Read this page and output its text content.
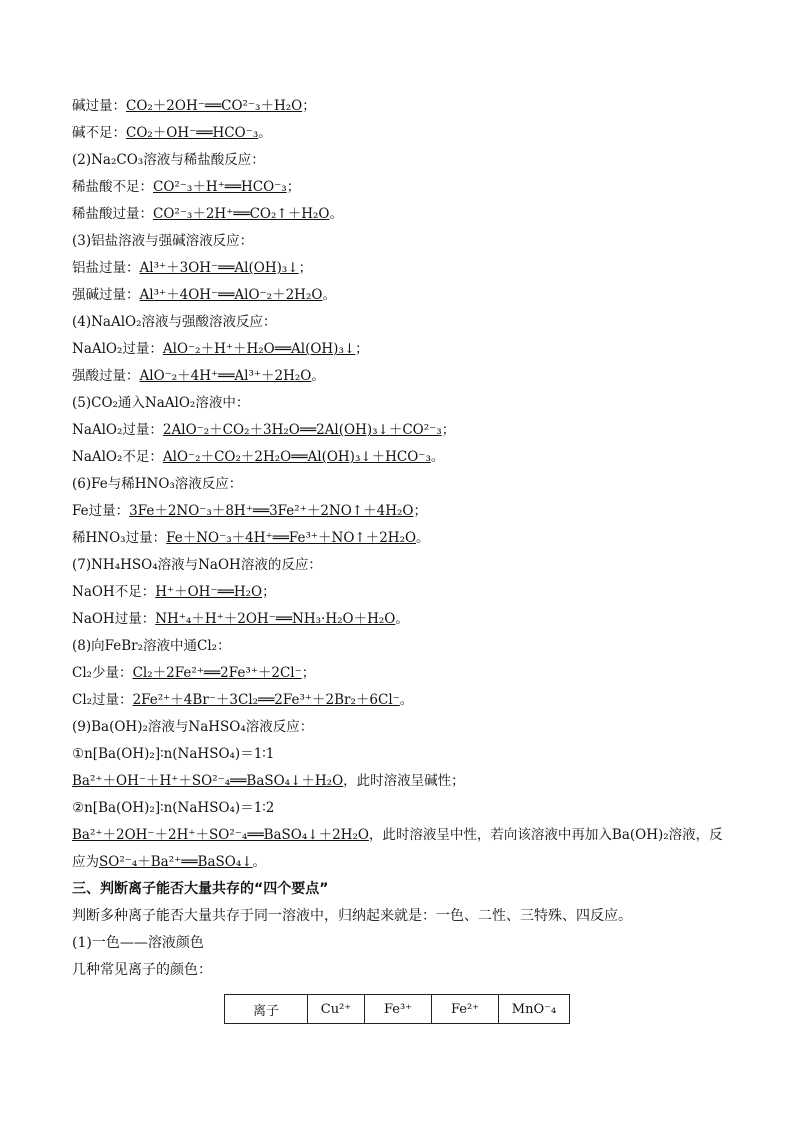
碱过量：CO₂＋2OH⁻══CO²⁻₃＋H₂O；
碱不足：CO₂＋OH⁻══HCO⁻₃。
(2)Na₂CO₃溶液与稀盐酸反应：
稀盐酸不足：CO²⁻₃＋H⁺══HCO⁻₃；
稀盐酸过量：CO²⁻₃＋2H⁺══CO₂↑＋H₂O。
(3)铝盐溶液与强碱溶液反应：
铝盐过量：Al³⁺＋3OH⁻══Al(OH)₃↓；
强碱过量：Al³⁺＋4OH⁻══AlO⁻₂＋2H₂O。
(4)NaAlO₂溶液与强酸溶液反应：
NaAlO₂过量：AlO⁻₂＋H⁺＋H₂O══Al(OH)₃↓；
强酸过量：AlO⁻₂＋4H⁺══Al³⁺＋2H₂O。
(5)CO₂通入NaAlO₂溶液中：
NaAlO₂过量：2AlO⁻₂＋CO₂＋3H₂O══2Al(OH)₃↓＋CO²⁻₃；
NaAlO₂不足：AlO⁻₂＋CO₂＋2H₂O══Al(OH)₃↓＋HCO⁻₃。
(6)Fe与稀HNO₃溶液反应：
Fe过量：3Fe＋2NO⁻₃＋8H⁺══3Fe²⁺＋2NO↑＋4H₂O；
稀HNO₃过量：Fe＋NO⁻₃＋4H⁺══Fe³⁺＋NO↑＋2H₂O。
(7)NH₄HSO₄溶液与NaOH溶液的反应：
NaOH不足：H⁺＋OH⁻══H₂O；
NaOH过量：NH⁺₄＋H⁺＋2OH⁻══NH₃·H₂O＋H₂O。
(8)向FeBr₂溶液中通Cl₂：
Cl₂少量：Cl₂＋2Fe²⁺══2Fe³⁺＋2Cl⁻；
Cl₂过量：2Fe²⁺＋4Br⁻＋3Cl₂══2Fe³⁺＋2Br₂＋6Cl⁻。
(9)Ba(OH)₂溶液与NaHSO₄溶液反应：
①n[Ba(OH)₂]∶n(NaHSO₄)＝1∶1
Ba²⁺＋OH⁻＋H⁺＋SO²⁻₄══BaSO₄↓＋H₂O，此时溶液呈碱性；
②n[Ba(OH)₂]∶n(NaHSO₄)＝1∶2
Ba²⁺＋2OH⁻＋2H⁺＋SO²⁻₄══BaSO₄↓＋2H₂O，此时溶液呈中性，若向该溶液中再加入Ba(OH)₂溶液，反应为SO²⁻₄＋Ba²⁺══BaSO₄↓。
三、判断离子能否大量共存的“四个要点”
判断多种离子能否大量共存于同一溶液中，归纳起来就是：一色、二性、三特殊、四反应。
(1)一色——溶液颜色
几种常见离子的颜色：
离子	Cu²⁺	Fe³⁺	Fe²⁺	MnO⁻₄
